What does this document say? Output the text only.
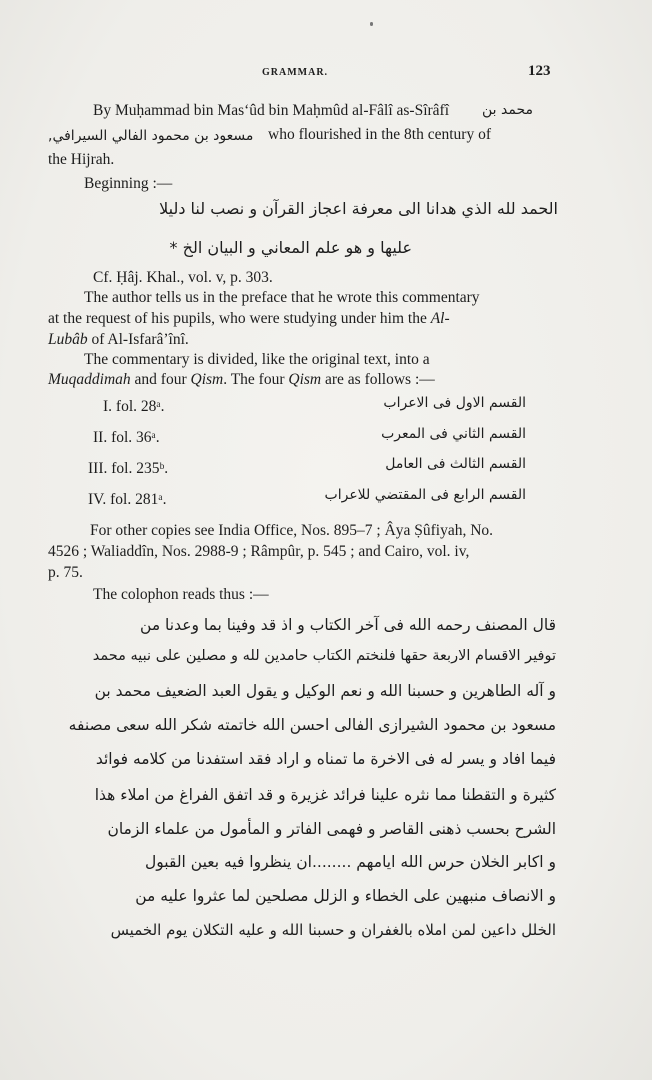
GRAMMAR.	123
By Muḥammad bin Mas‘ûd bin Maḥmûd al-Fâlî as-Sîrâfî محمد بن
مسعود بن محمود الفالي السيرافي, who flourished in the 8th century of
the Hijrah.
Beginning :—
الحمد لله الذي هدانا الى معرفة اعجاز القرآن و نصب لنا دليلا
عليها و هو علم المعاني و البيان الخ *
Cf. Ḥâj. Khal., vol. v, p. 303.
The author tells us in the preface that he wrote this commentary
at the request of his pupils, who were studying under him the Al-
Lubâb of Al-Isfarâ’înî.
The commentary is divided, like the original text, into a
Muqaddimah and four Qism. The four Qism are as follows :—
I. fol. 28ᵃ.	القسم الاول فى الاعراب
II. fol. 36ᵃ.	القسم الثاني فى المعرب
III. fol. 235ᵇ.	القسم الثالث فى العامل
IV. fol. 281ᵃ.	القسم الرابع فى المقتضي للاعراب
For other copies see India Office, Nos. 895–7 ; Âya Ṣûfiyah, No.
4526 ; Waliaddîn, Nos. 2988-9 ; Râmpûr, p. 545 ; and Cairo, vol. iv,
p. 75.
The colophon reads thus :—
قال المصنف رحمه الله فى آخر الكتاب و اذ قد وفينا بما وعدنا من
توفير الاقسام الاربعة حقها فلنختم الكتاب حامدين لله و مصلين على نبيه محمد
و آله الطاهرين و حسبنا الله و نعم الوكيل و يقول العبد الضعيف محمد بن
مسعود بن محمود الشيرازى الفالى احسن الله خاتمته شكر الله سعى مصنفه
فيما افاد و يسر له فى الاخرة ما تمناه و اراد فقد استفدنا من كلامه فوائد
كثيرة و التقطنا مما نثره علينا فرائد غزيرة و قد اتفق الفراغ من املاء هذا
الشرح بحسب ذهنى القاصر و فهمى الفاتر و المأمول من علماء الزمان
و اكابر الخلان حرس الله ايامهم ........ان ينظروا فيه بعين القبول
و الانصاف منبهين على الخطاء و الزلل مصلحين لما عثروا عليه من
الخلل داعين لمن املاه بالغفران و حسبنا الله و عليه التكلان يوم الخميس
